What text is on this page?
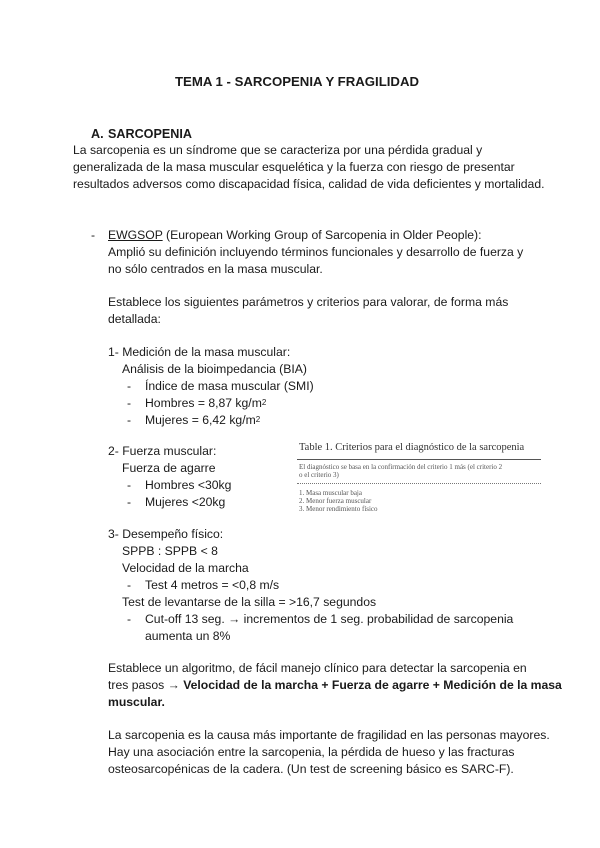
TEMA 1 - SARCOPENIA Y FRAGILIDAD
A. SARCOPENIA
La sarcopenia es un síndrome que se caracteriza por una pérdida gradual y
generalizada de la masa muscular esquelética y la fuerza con riesgo de presentar
resultados adversos como discapacidad física, calidad de vida deficientes y mortalidad.
- EWGSOP (European Working Group of Sarcopenia in Older People):
Amplió su definición incluyendo términos funcionales y desarrollo de fuerza y
no sólo centrados en la masa muscular.
Establece los siguientes parámetros y criterios para valorar, de forma más
detallada:
1- Medición de la masa muscular:
Análisis de la bioimpedancia (BIA)
- Índice de masa muscular (SMI)
- Hombres = 8,87 $kg/m^2$
- Mujeres = 6,42 $kg/m^2$
2- Fuerza muscular:
Fuerza de agarre
- Hombres <30kg
- Mujeres <20kg
Table 1. Criterios para el diagnóstico de la sarcopenia
El diagnóstico se basa en la confirmación del criterio 1 más (el criterio 2
o el criterio 3)
1. Masa muscular baja
2. Menor fuerza muscular
3. Menor rendimiento físico
3- Desempeño físico:
SPPB : SPPB < 8
Velocidad de la marcha
- Test 4 metros = <0,8 m/s
Test de levantarse de la silla = >16,7 segundos
- Cut-off 13 seg. → incrementos de 1 seg. probabilidad de sarcopenia
aumenta un 8%
Establece un algoritmo, de fácil manejo clínico para detectar la sarcopenia en
tres pasos → Velocidad de la marcha + Fuerza de agarre + Medición de la masa
muscular.
La sarcopenia es la causa más importante de fragilidad en las personas mayores.
Hay una asociación entre la sarcopenia, la pérdida de hueso y las fracturas
osteosarcopénicas de la cadera. (Un test de screening básico es SARC-F).
